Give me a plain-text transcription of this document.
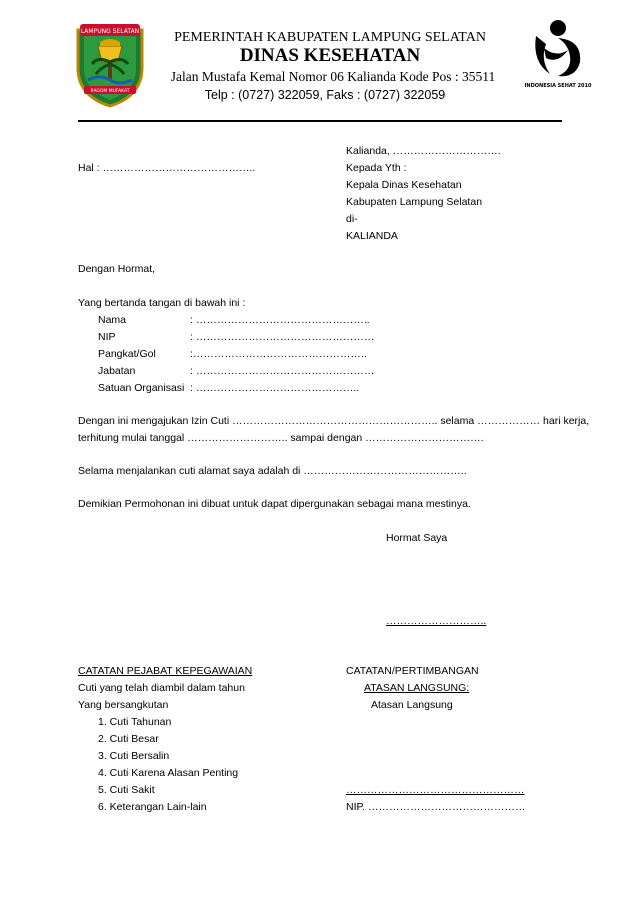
LAMPUNG SELATAN
RAGOM MUFAKAT
PEMERINTAH KABUPATEN LAMPUNG SELATAN
DINAS KESEHATAN
Jalan Mustafa Kemal Nomor 06 Kalianda Kode Pos : 35511
Telp : (0727) 322059, Faks : (0727) 322059
INDONESIA SEHAT 2010
Kalianda, ………………………….
Hal : ……………………………………..	Kepada Yth :
Kepala Dinas Kesehatan
Kabupaten Lampung Selatan
di-
KALIANDA
Dengan Hormat,
Yang bertanda tangan di bawah ini :
Nama	: …………………………………………..
NIP	: ……………………………………………
Pangkat/Gol	:…………………………………………..
Jabatan	: ……………………………………………
Satuan Organisasi : ………………………………………..
Dengan ini mengajukan Izin Cuti ………………………………………………….. selama ……………… hari kerja,
terhitung mulai tanggal ……………………….. sampai dengan …………………………….
Selama menjalankan cuti alamat saya adalah di ………………………………………..
Demikian Permohonan ini dibuat untuk dapat dipergunakan sebagai mana mestinya.
Hormat Saya
………………………..
CATATAN PEJABAT KEPEGAWAIAN	CATATAN/PERTIMBANGAN
Cuti yang telah diambil dalam tahun	ATASAN LANGSUNG:
Yang bersangkutan	Atasan Langsung
1. Cuti Tahunan
2. Cuti Besar
3. Cuti Bersalin
4. Cuti Karena Alasan Penting
5. Cuti Sakit
6. Keterangan Lain-lain
……………………………………………
NIP. ………………………………………
